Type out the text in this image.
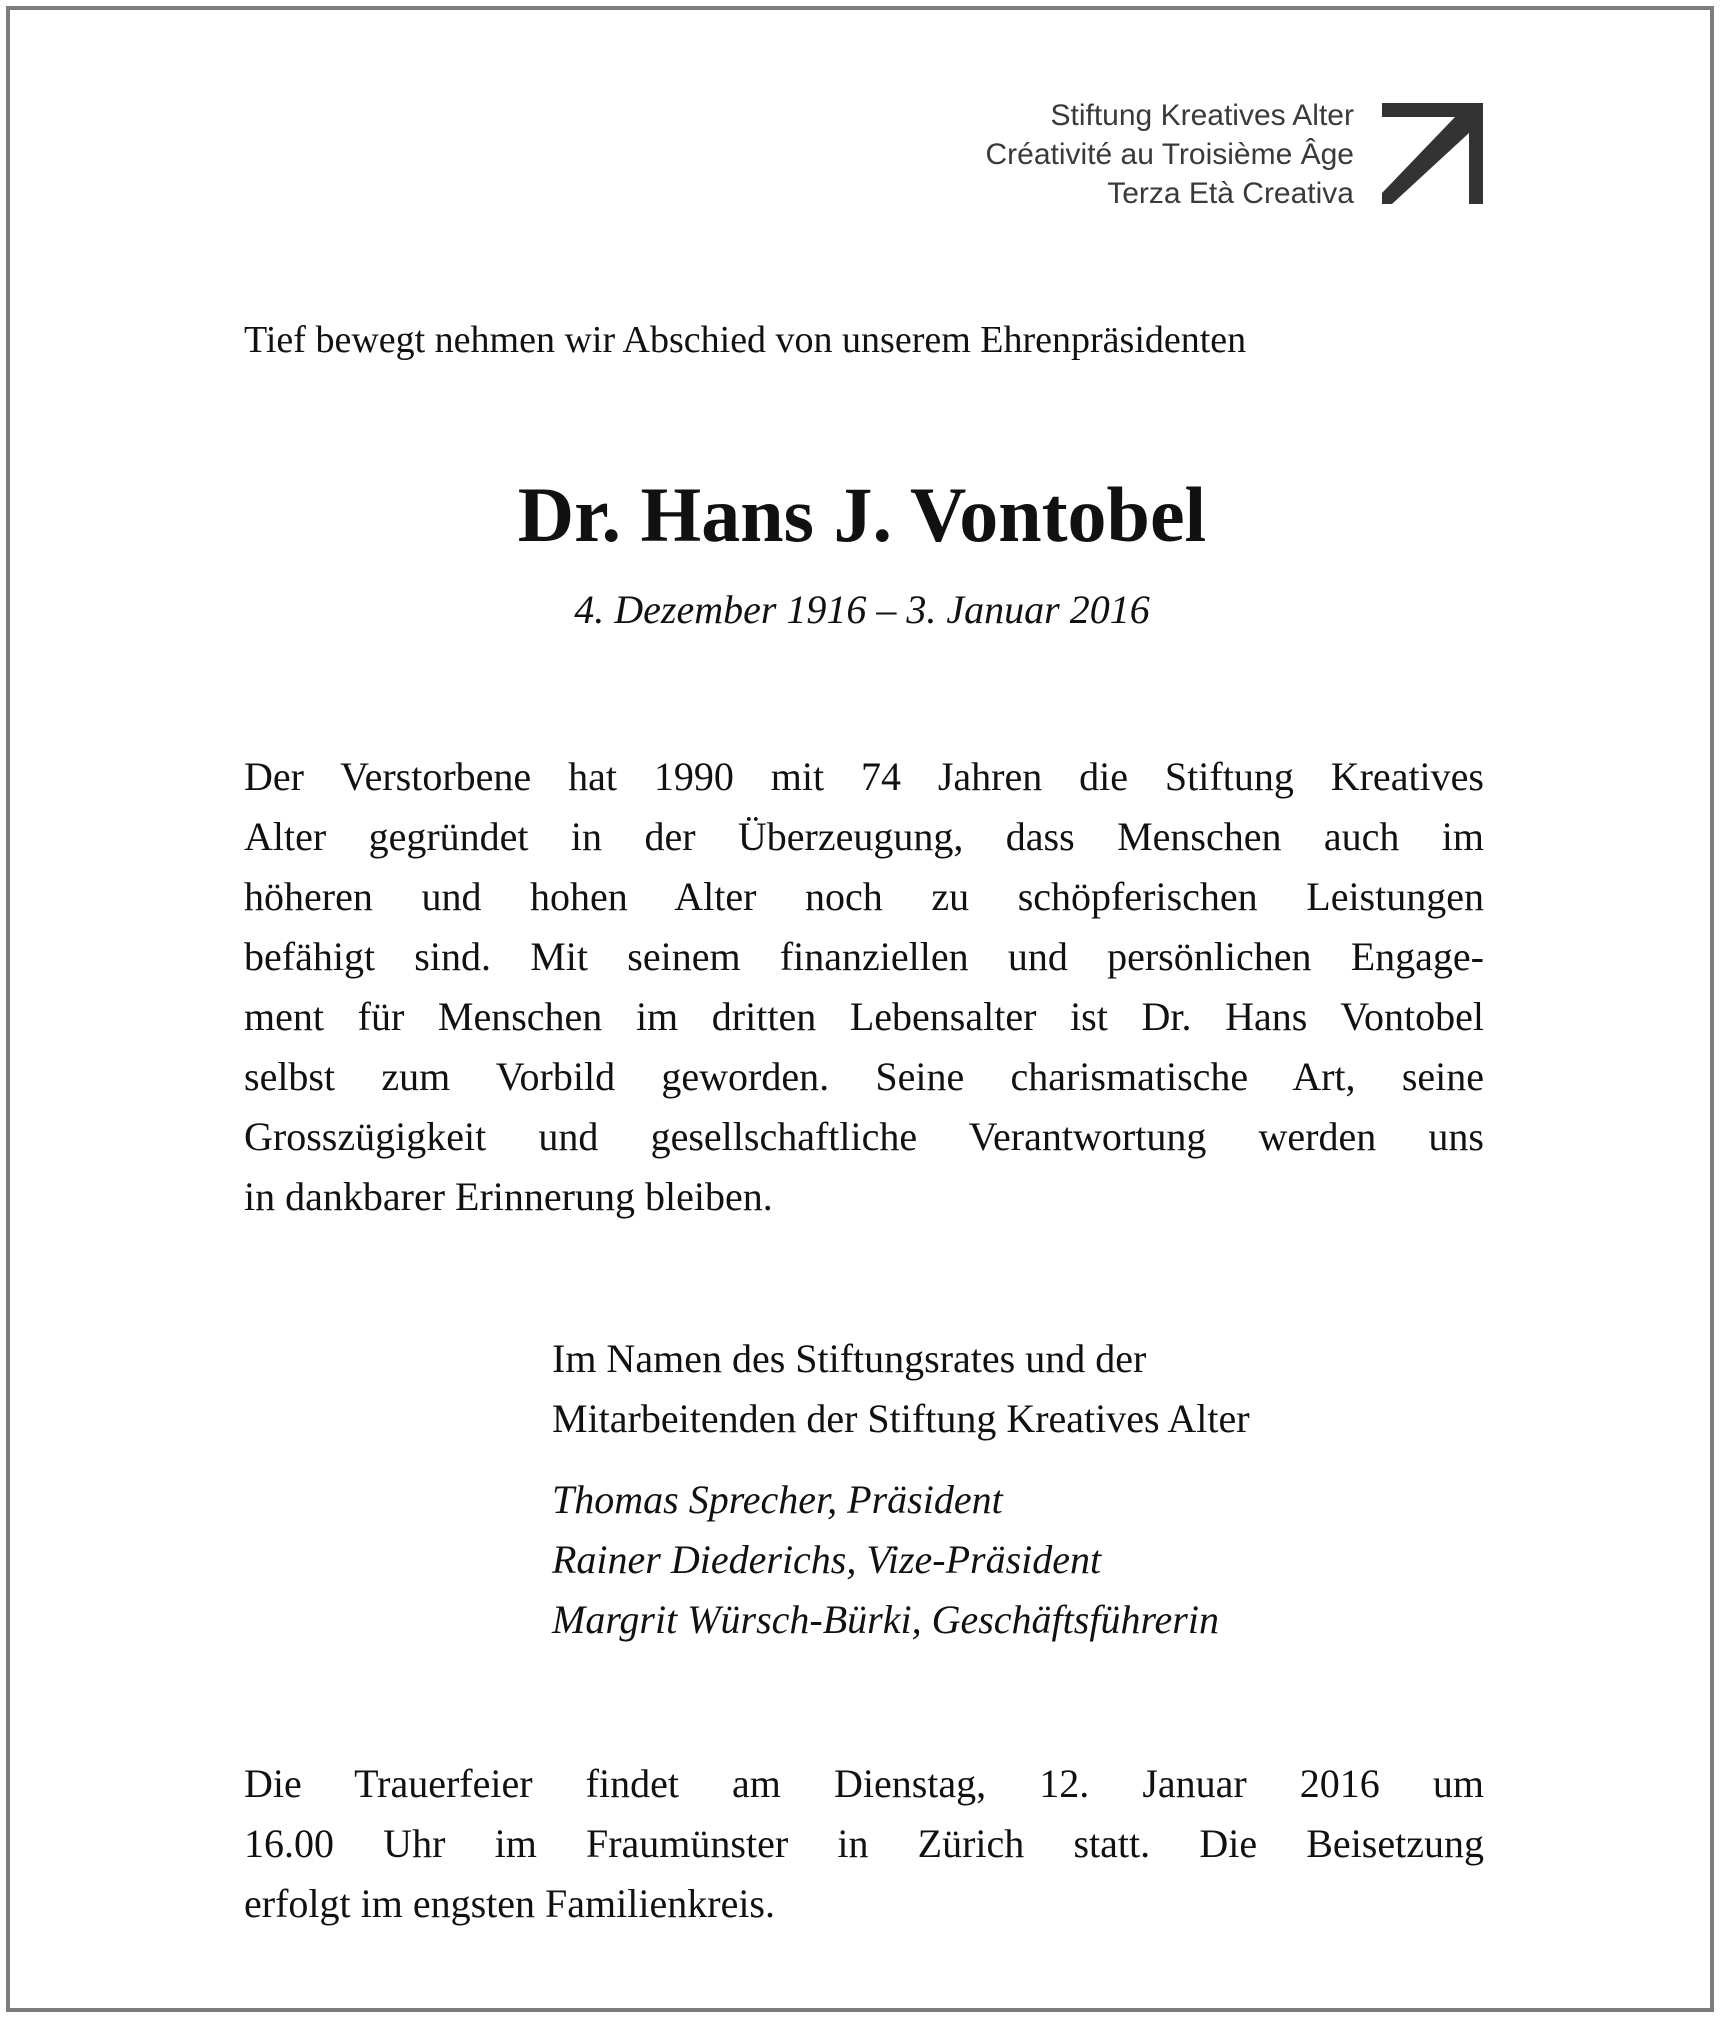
Stiftung Kreatives Alter
Créativité au Troisième Âge
Terza Età Creativa
Tief bewegt nehmen wir Abschied von unserem Ehrenpräsidenten
Dr. Hans J. Vontobel
4. Dezember 1916 – 3. Januar 2016

Der Verstorbene hat 1990 mit 74 Jahren die Stiftung Kreatives
Alter gegründet in der Überzeugung, dass Menschen auch im
höheren und hohen Alter noch zu schöpferischen Leistungen
befähigt sind. Mit seinem finanziellen und persönlichen Engage-
ment für Menschen im dritten Lebensalter ist Dr. Hans Vontobel
selbst zum Vorbild geworden. Seine charismatische Art, seine
Grosszügigkeit und gesellschaftliche Verantwortung werden uns
in dankbarer Erinnerung bleiben.

Im Namen des Stiftungsrates und der
Mitarbeitenden der Stiftung Kreatives Alter
Thomas Sprecher, Präsident
Rainer Diederichs, Vize-Präsident
Margrit Würsch-Bürki, Geschäftsführerin

Die Trauerfeier findet am Dienstag, 12. Januar 2016 um
16.00 Uhr im Fraumünster in Zürich statt. Die Beisetzung
erfolgt im engsten Familienkreis.
